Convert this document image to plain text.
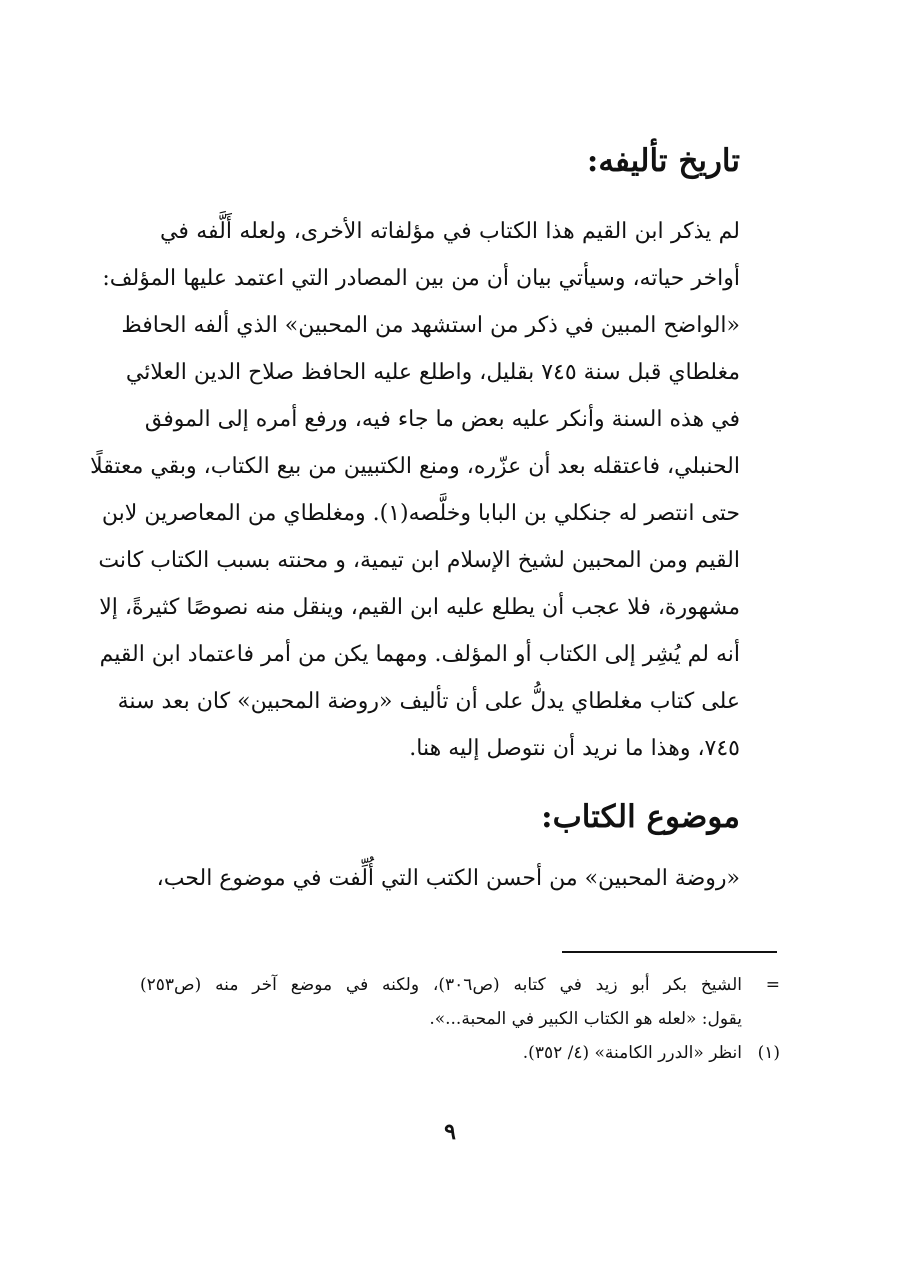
تاريخ تأليفه:
لم يذكر ابن القيم هذا الكتاب في مؤلفاته الأخرى، ولعله أَلَّفه في
أواخر حياته، وسيأتي بيان أن من بين المصادر التي اعتمد عليها المؤلف:
«الواضح المبين في ذكر من استشهد من المحبين» الذي ألفه الحافظ
مغلطاي قبل سنة ٧٤٥ بقليل، واطلع عليه الحافظ صلاح الدين العلائي
في هذه السنة وأنكر عليه بعض ما جاء فيه، ورفع أمره إلى الموفق
الحنبلي، فاعتقله بعد أن عزّره، ومنع الكتبيين من بيع الكتاب، وبقي معتقلًا
حتى انتصر له جنكلي بن البابا وخلَّصه(١). ومغلطاي من المعاصرين لابن
القيم ومن المحبين لشيخ الإسلام ابن تيمية، و محنته بسبب الكتاب كانت
مشهورة، فلا عجب أن يطلع عليه ابن القيم، وينقل منه نصوصًا كثيرةً، إلا
أنه لم يُشِر إلى الكتاب أو المؤلف. ومهما يكن من أمر فاعتماد ابن القيم
على كتاب مغلطاي يدلُّ على أن تأليف «روضة المحبين» كان بعد سنة
٧٤٥، وهذا ما نريد أن نتوصل إليه هنا.
موضوع الكتاب:
«روضة المحبين» من أحسن الكتب التي أُلِّفت في موضوع الحب،
=
الشيخ بكر أبو زيد في كتابه (ص٣٠٦)، ولكنه في موضع آخر منه (ص٢٥٣)
يقول: «لعله هو الكتاب الكبير في المحبة...».
(١)
انظر «الدرر الكامنة» (٤/ ٣٥٢).
٩
